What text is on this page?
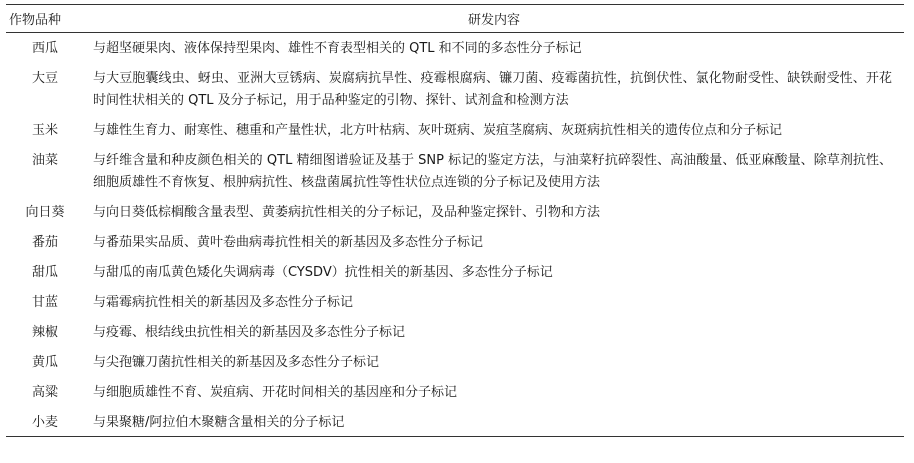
作物品种	研发内容
西瓜	与超坚硬果肉、液体保持型果肉、雄性不育表型相关的 QTL 和不同的多态性分子标记
大豆	与大豆胞囊线虫、蚜虫、亚洲大豆锈病、炭腐病抗旱性、疫霉根腐病、镰刀菌、疫霉菌抗性，抗倒伏性、氯化物耐受性、缺铁耐受性、开花时间性状相关的 QTL 及分子标记，用于品种鉴定的引物、探针、试剂盒和检测方法
玉米	与雄性生育力、耐寒性、穗重和产量性状，北方叶枯病、灰叶斑病、炭疽茎腐病、灰斑病抗性相关的遗传位点和分子标记
油菜	与纤维含量和种皮颜色相关的 QTL 精细图谱验证及基于 SNP 标记的鉴定方法，与油菜籽抗碎裂性、高油酸量、低亚麻酸量、除草剂抗性、细胞质雄性不育恢复、根肿病抗性、核盘菌属抗性等性状位点连锁的分子标记及使用方法
向日葵	与向日葵低棕榈酸含量表型、黄萎病抗性相关的分子标记，及品种鉴定探针、引物和方法
番茄	与番茄果实品质、黄叶卷曲病毒抗性相关的新基因及多态性分子标记
甜瓜	与甜瓜的南瓜黄色矮化失调病毒（CYSDV）抗性相关的新基因、多态性分子标记
甘蓝	与霜霉病抗性相关的新基因及多态性分子标记
辣椒	与疫霉、根结线虫抗性相关的新基因及多态性分子标记
黄瓜	与尖孢镰刀菌抗性相关的新基因及多态性分子标记
高粱	与细胞质雄性不育、炭疽病、开花时间相关的基因座和分子标记
小麦	与果聚糖/阿拉伯木聚糖含量相关的分子标记
